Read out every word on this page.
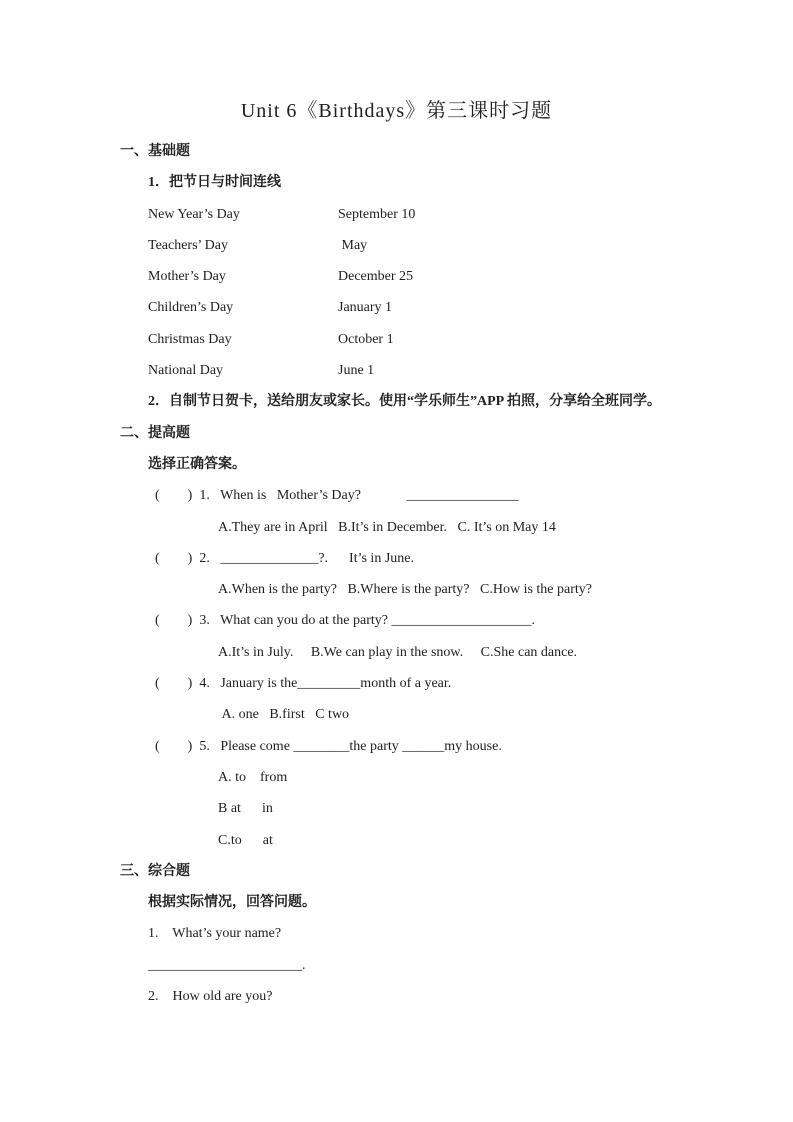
Unit 6《Birthdays》第三课时习题
一、基础题
1．把节日与时间连线
New Year’s Day	September 10
Teachers’ Day	May
Mother’s Day	December 25
Children’s Day	January 1
Christmas Day	October 1
National Day	June 1
2．自制节日贺卡，送给朋友或家长。使用“学乐师生”APP 拍照，分享给全班同学。
二、提高题
选择正确答案。
(        )  1.   When is   Mother’s Day?             ________________
A.They are in April   B.It’s in December.   C. It’s on May 14
(        )  2.   ______________?.      It’s in June.
A.When is the party?   B.Where is the party?   C.How is the party?
(        )  3.   What can you do at the party? ____________________.
A.It’s in July.     B.We can play in the snow.     C.She can dance.
(        )  4.   January is the_________month of a year.
A. one   B.first   C two
(        )  5.   Please come ________the party ______my house.
A. to    from
B at      in
C.to      at
三、综合题
根据实际情况，回答问题。
1.    What’s your name?
______________________.
2.    How old are you?
